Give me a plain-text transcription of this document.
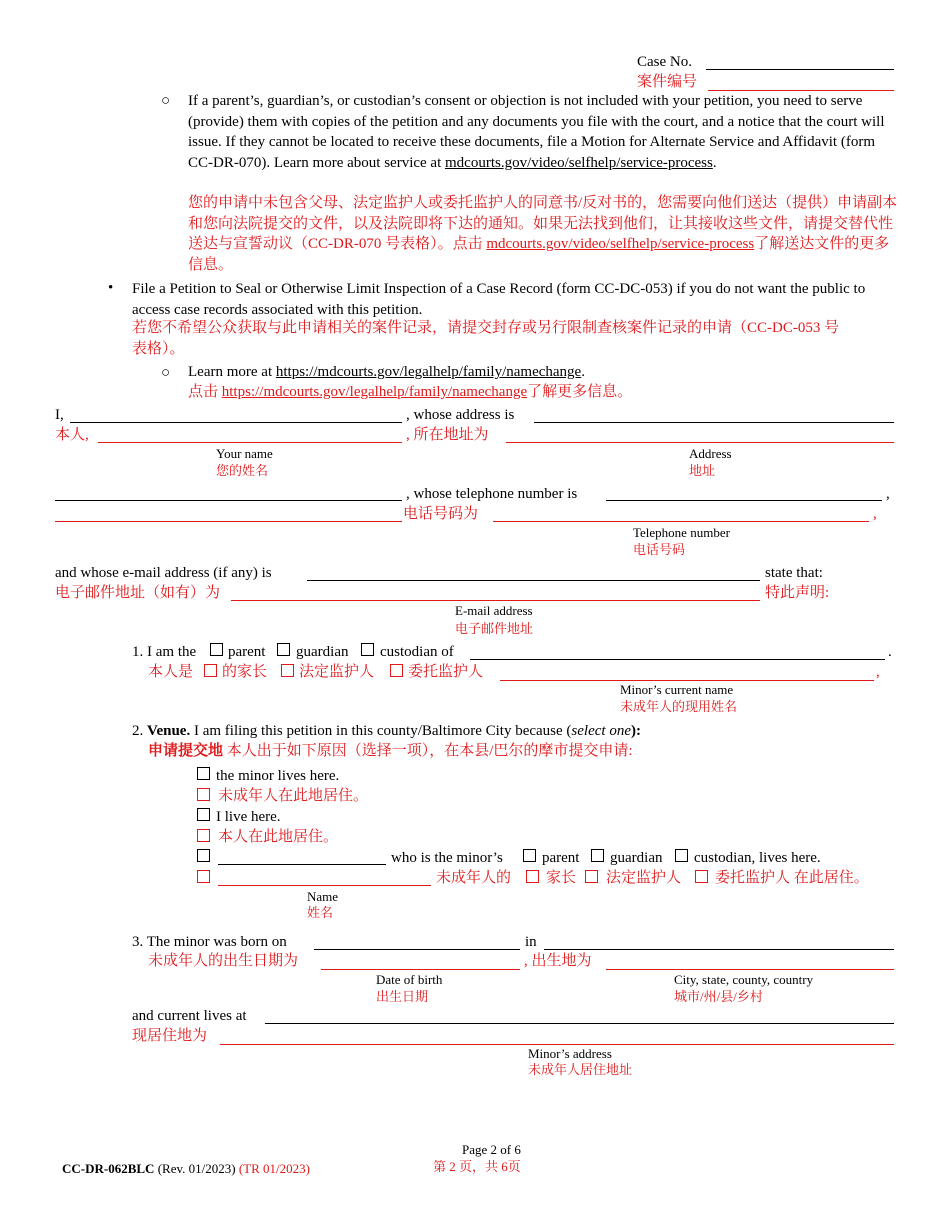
Case No.
案件编号
○ If a parent’s, guardian’s, or custodian’s consent or objection is not included with your petition, you need to serve (provide) them with copies of the petition and any documents you file with the court, and a notice that the court will issue. If they cannot be located to receive these documents, file a Motion for Alternate Service and Affidavit (form CC-DR-070). Learn more about service at mdcourts.gov/video/selfhelp/service-process.
您的申请中未包含父母、法定监护人或委托监护人的同意书/反对书的，您需要向他们送达（提供）申请副本和您向法院提交的文件，以及法院即将下达的通知。如果无法找到他们，让其接收这些文件，请提交替代性送达与宣誓动议（CC-DR-070 号表格）。点击 mdcourts.gov/video/selfhelp/service-process了解送达文件的更多信息。
• File a Petition to Seal or Otherwise Limit Inspection of a Case Record (form CC-DC-053) if you do not want the public to access case records associated with this petition.
若您不希望公众获取与此申请相关的案件记录，请提交封存或另行限制查核案件记录的申请（CC-DC-053 号表格）。
○ Learn more at https://mdcourts.gov/legalhelp/family/namechange.
点击 https://mdcourts.gov/legalhelp/family/namechange了解更多信息。
I,	, whose address is
本人,	, 所在地址为
Your name
您的姓名
Address
地址
, whose telephone number is	,
电话号码为	,
Telephone number
电话号码
and whose e-mail address (if any) is	state that:
电子邮件地址（如有）为	特此声明:
E-mail address
电子邮件地址
1. I am the parent guardian custodian of	.
本人是 的家长 法定监护人 委托监护人	,
Minor’s current name
未成年人的现用姓名
2. Venue. I am filing this petition in this county/Baltimore City because (select one):
申请提交地 本人出于如下原因（选择一项），在本县/巴尔的摩市提交申请:
the minor lives here.
未成年人在此地居住。
I live here.
本人在此地居住。
who is the minor’s	parent guardian custodian, lives here.
未成年人的 家长 法定监护人 委托监护人 在此居住。
Name
姓名
3. The minor was born on	in
未成年人的出生日期为	, 出生地为
Date of birth
出生日期
City, state, county, country
城市/州/县/乡村
and current lives at
现居住地为
Minor’s address
未成年人居住地址
Page 2 of 6
第 2 页，共 6页
CC-DR-062BLC (Rev. 01/2023) (TR 01/2023)
